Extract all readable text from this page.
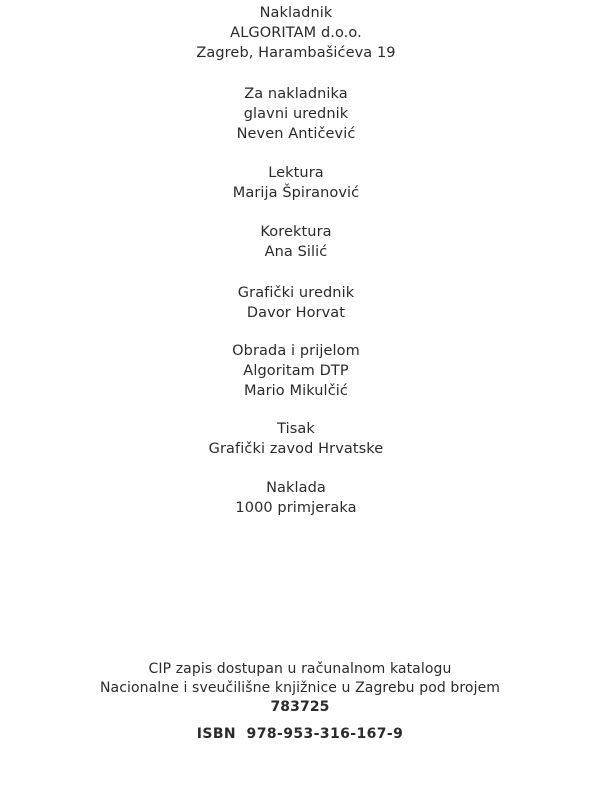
Nakladnik
ALGORITAM d.o.o.
Zagreb, Harambašićeva 19
Za nakladnika
glavni urednik
Neven Antičević
Lektura
Marija Špiranović
Korektura
Ana Silić
Grafički urednik
Davor Horvat
Obrada i prijelom
Algoritam DTP
Mario Mikulčić
Tisak
Grafički zavod Hrvatske
Naklada
1000 primjeraka
CIP zapis dostupan u računalnom katalogu
Nacionalne i sveučilišne knjižnice u Zagrebu pod brojem
783725
ISBN  978-953-316-167-9
